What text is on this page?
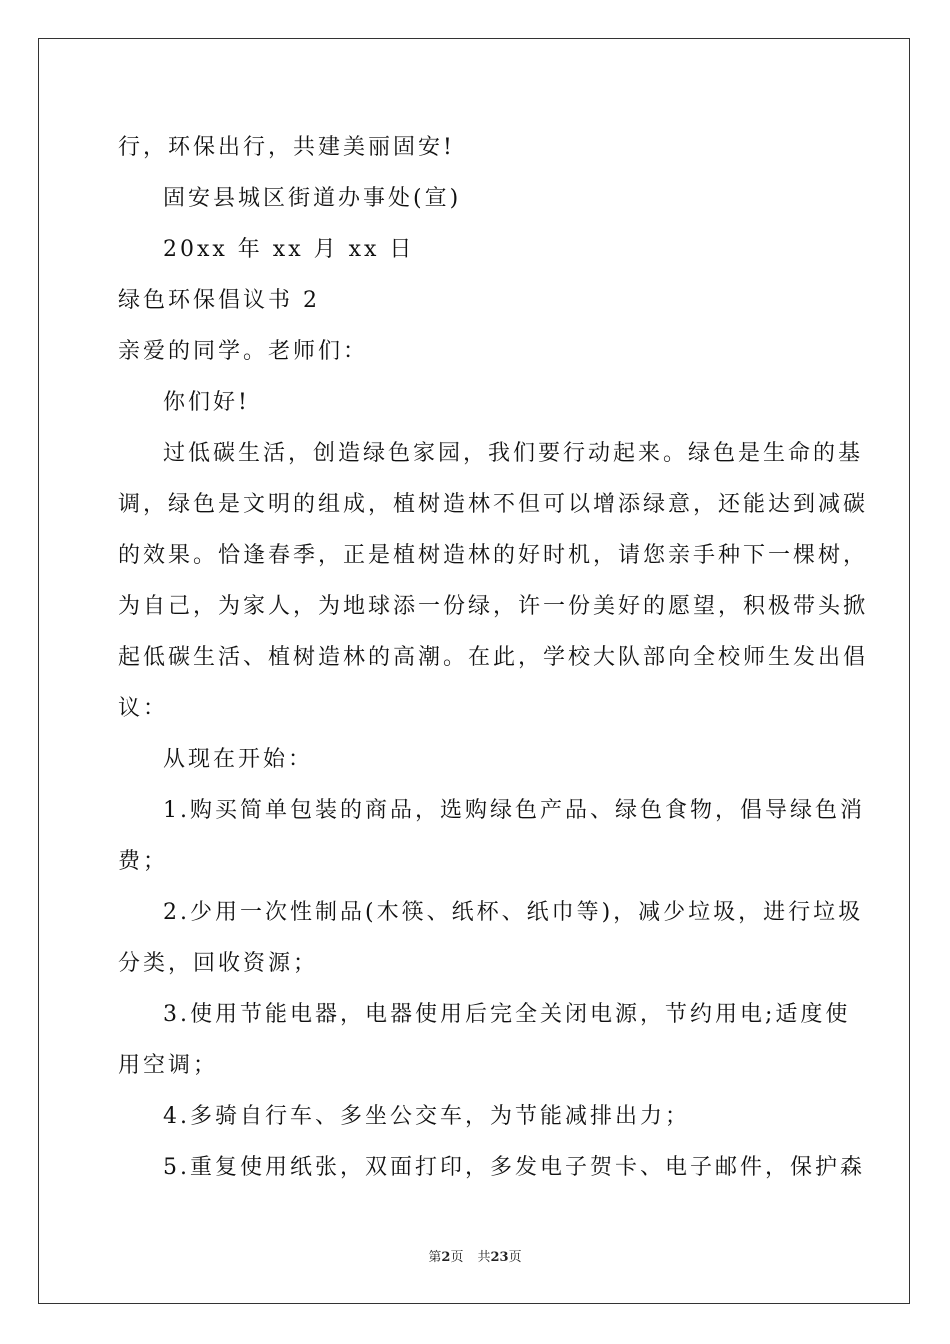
行，环保出行，共建美丽固安!
固安县城区街道办事处(宣)
20xx 年 xx 月 xx 日
绿色环保倡议书 2
亲爱的同学。老师们：
你们好!
过低碳生活，创造绿色家园，我们要行动起来。绿色是生命的基
调，绿色是文明的组成，植树造林不但可以增添绿意，还能达到减碳
的效果。恰逢春季，正是植树造林的好时机，请您亲手种下一棵树，
为自己，为家人，为地球添一份绿，许一份美好的愿望，积极带头掀
起低碳生活、植树造林的高潮。在此，学校大队部向全校师生发出倡
议：
从现在开始：
1.购买简单包装的商品，选购绿色产品、绿色食物，倡导绿色消
费；
2.少用一次性制品(木筷、纸杯、纸巾等)，减少垃圾，进行垃圾
分类，回收资源；
3.使用节能电器，电器使用后完全关闭电源，节约用电;适度使
用空调；
4.多骑自行车、多坐公交车，为节能减排出力；
5.重复使用纸张，双面打印，多发电子贺卡、电子邮件，保护森
第2页 共23页
